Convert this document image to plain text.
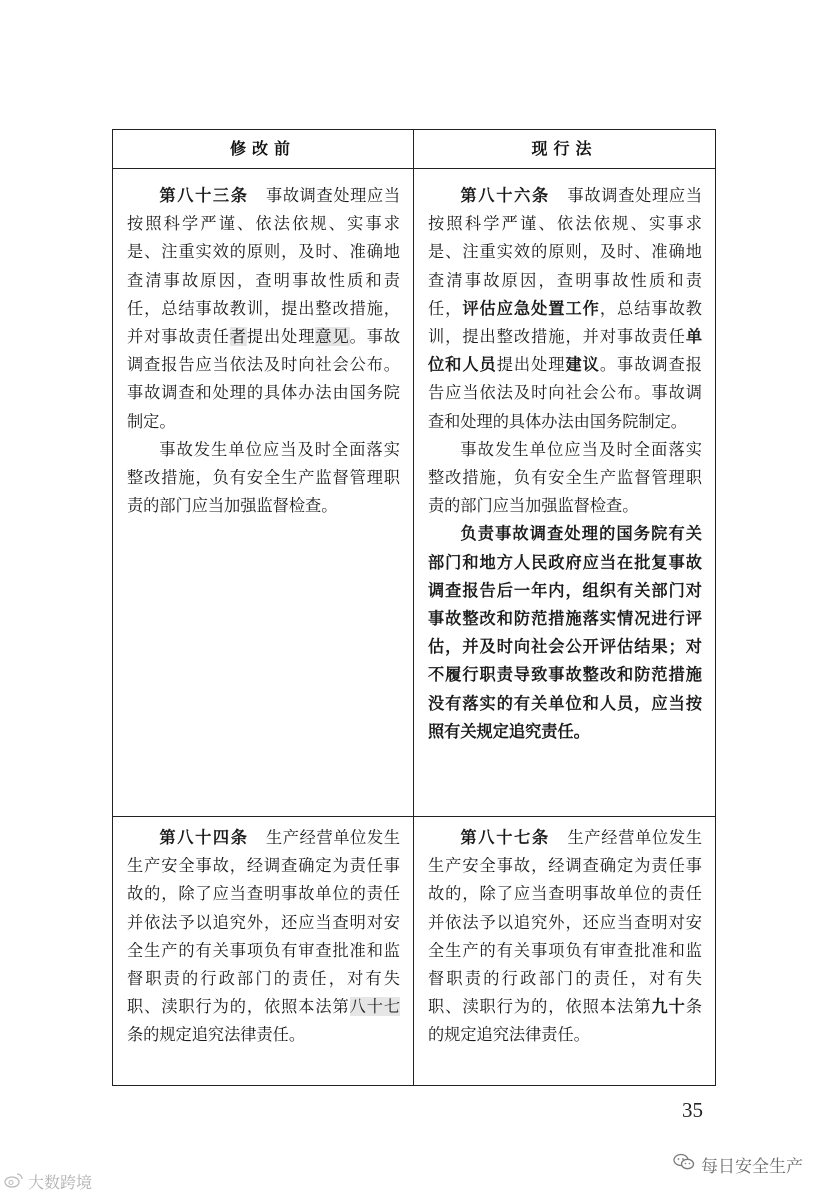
修改前	现行法

第八十三条 事故调查处理应当按照科学严谨、依法依规、实事求是、注重实效的原则，及时、准确地查清事故原因，查明事故性质和责任，总结事故教训，提出整改措施，并对事故责任者提出处理意见。事故调查报告应当依法及时向社会公布。事故调查和处理的具体办法由国务院制定。

事故发生单位应当及时全面落实整改措施，负有安全生产监督管理职责的部门应当加强监督检查。

第八十六条 事故调查处理应当按照科学严谨、依法依规、实事求是、注重实效的原则，及时、准确地查清事故原因，查明事故性质和责任，评估应急处置工作，总结事故教训，提出整改措施，并对事故责任单位和人员提出处理建议。事故调查报告应当依法及时向社会公布。事故调查和处理的具体办法由国务院制定。

事故发生单位应当及时全面落实整改措施，负有安全生产监督管理职责的部门应当加强监督检查。

负责事故调查处理的国务院有关部门和地方人民政府应当在批复事故调查报告后一年内，组织有关部门对事故整改和防范措施落实情况进行评估，并及时向社会公开评估结果；对不履行职责导致事故整改和防范措施没有落实的有关单位和人员，应当按照有关规定追究责任。

第八十四条 生产经营单位发生生产安全事故，经调查确定为责任事故的，除了应当查明事故单位的责任并依法予以追究外，还应当查明对安全生产的有关事项负有审查批准和监督职责的行政部门的责任，对有失职、渎职行为的，依照本法第八十七条的规定追究法律责任。

第八十七条 生产经营单位发生生产安全事故，经调查确定为责任事故的，除了应当查明事故单位的责任并依法予以追究外，还应当查明对安全生产的有关事项负有审查批准和监督职责的行政部门的责任，对有失职、渎职行为的，依照本法第九十条的规定追究法律责任。

35
每日安全生产
大数跨境
